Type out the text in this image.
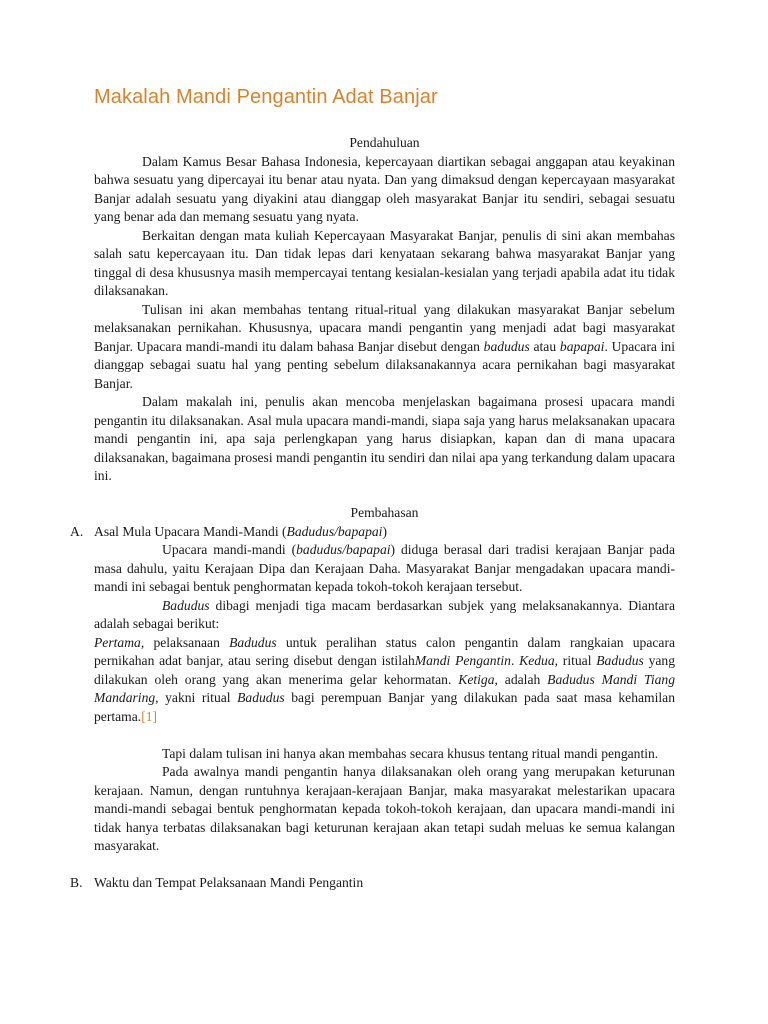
Makalah Mandi Pengantin Adat Banjar

Pendahuluan

Dalam Kamus Besar Bahasa Indonesia, kepercayaan diartikan sebagai anggapan atau keyakinan bahwa sesuatu yang dipercayai itu benar atau nyata. Dan yang dimaksud dengan kepercayaan masyarakat Banjar adalah sesuatu yang diyakini atau dianggap oleh masyarakat Banjar itu sendiri, sebagai sesuatu yang benar ada dan memang sesuatu yang nyata.

Berkaitan dengan mata kuliah Kepercayaan Masyarakat Banjar, penulis di sini akan membahas salah satu kepercayaan itu. Dan tidak lepas dari kenyataan sekarang bahwa masyarakat Banjar yang tinggal di desa khususnya masih mempercayai tentang kesialan-kesialan yang terjadi apabila adat itu tidak dilaksanakan.

Tulisan ini akan membahas tentang ritual-ritual yang dilakukan masyarakat Banjar sebelum melaksanakan pernikahan. Khususnya, upacara mandi pengantin yang menjadi adat bagi masyarakat Banjar. Upacara mandi-mandi itu dalam bahasa Banjar disebut dengan badudus atau bapapai. Upacara ini dianggap sebagai suatu hal yang penting sebelum dilaksanakannya acara pernikahan bagi masyarakat Banjar.

Dalam makalah ini, penulis akan mencoba menjelaskan bagaimana prosesi upacara mandi pengantin itu dilaksanakan. Asal mula upacara mandi-mandi, siapa saja yang harus melaksanakan upacara mandi pengantin ini, apa saja perlengkapan yang harus disiapkan, kapan dan di mana upacara dilaksanakan, bagaimana prosesi mandi pengantin itu sendiri dan nilai apa yang terkandung dalam upacara ini.

Pembahasan

A. Asal Mula Upacara Mandi-Mandi (Badudus/bapapai)

Upacara mandi-mandi (badudus/bapapai) diduga berasal dari tradisi kerajaan Banjar pada masa dahulu, yaitu Kerajaan Dipa dan Kerajaan Daha. Masyarakat Banjar mengadakan upacara mandi-mandi ini sebagai bentuk penghormatan kepada tokoh-tokoh kerajaan tersebut.

Badudus dibagi menjadi tiga macam berdasarkan subjek yang melaksanakannya. Diantara adalah sebagai berikut:

Pertama, pelaksanaan Badudus untuk peralihan status calon pengantin dalam rangkaian upacara pernikahan adat banjar, atau sering disebut dengan istilahMandi Pengantin. Kedua, ritual Badudus yang dilakukan oleh orang yang akan menerima gelar kehormatan. Ketiga, adalah Badudus Mandi Tiang Mandaring, yakni ritual Badudus bagi perempuan Banjar yang dilakukan pada saat masa kehamilan pertama.[1]

Tapi dalam tulisan ini hanya akan membahas secara khusus tentang ritual mandi pengantin.

Pada awalnya mandi pengantin hanya dilaksanakan oleh orang yang merupakan keturunan kerajaan. Namun, dengan runtuhnya kerajaan-kerajaan Banjar, maka masyarakat melestarikan upacara mandi-mandi sebagai bentuk penghormatan kepada tokoh-tokoh kerajaan, dan upacara mandi-mandi ini tidak hanya terbatas dilaksanakan bagi keturunan kerajaan akan tetapi sudah meluas ke semua kalangan masyarakat.

B. Waktu dan Tempat Pelaksanaan Mandi Pengantin
